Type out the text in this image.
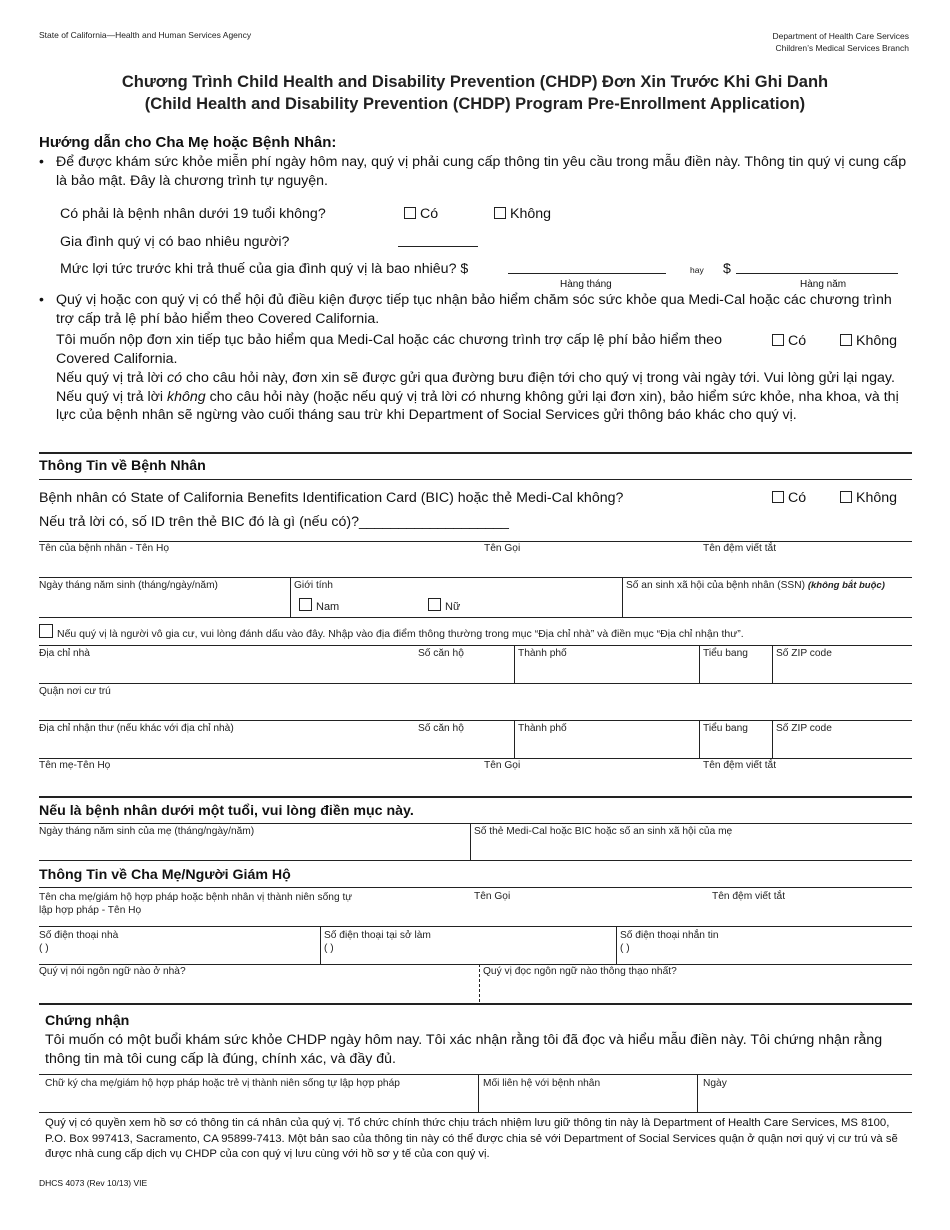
State of California—Health and Human Services Agency	Department of Health Care Services
Children’s Medical Services Branch
Chương Trình Child Health and Disability Prevention (CHDP) Đơn Xin Trước Khi Ghi Danh
(Child Health and Disability Prevention (CHDP) Program Pre-Enrollment Application)
Hướng dẫn cho Cha Mẹ hoặc Bệnh Nhân:
• Để được khám sức khỏe miễn phí ngày hôm nay, quý vị phải cung cấp thông tin yêu cầu trong mẫu điền này. Thông tin quý vị cung cấp là bảo mật. Đây là chương trình tự nguyện.
Có phải là bệnh nhân dưới 19 tuổi không?	Có	Không
Gia đình quý vị có bao nhiêu người?
Mức lợi tức trước khi trả thuế của gia đình quý vị là bao nhiêu? $	hay $
Hàng tháng	Hàng năm
• Quý vị hoặc con quý vị có thể hội đủ điều kiện được tiếp tục nhận bảo hiểm chăm sóc sức khỏe qua Medi-Cal hoặc các chương trình trợ cấp trả lệ phí bảo hiểm theo Covered California.
Tôi muốn nộp đơn xin tiếp tục bảo hiểm qua Medi-Cal hoặc các chương trình trợ cấp lệ phí bảo hiểm theo Covered California.
Có	Không
Nếu quý vị trả lời có cho câu hỏi này, đơn xin sẽ được gửi qua đường bưu điện tới cho quý vị trong vài ngày tới. Vui lòng gửi lại ngay. Nếu quý vị trả lời không cho câu hỏi này (hoặc nếu quý vị trả lời có nhưng không gửi lại đơn xin), bảo hiểm sức khỏe, nha khoa, và thị lực của bệnh nhân sẽ ngừng vào cuối tháng sau trừ khi Department of Social Services gửi thông báo khác cho quý vị.
Thông Tin về Bệnh Nhân
Bệnh nhân có State of California Benefits Identification Card (BIC) hoặc thẻ Medi-Cal không?	Có	Không
Nếu trả lời có, số ID trên thẻ BIC đó là gì (nếu có)?___________________
Tên của bệnh nhân - Tên Họ	Tên Gọi	Tên đệm viết tắt
Ngày tháng năm sinh (tháng/ngày/năm)	Giới tính
Nam	Nữ
Số an sinh xã hội của bệnh nhân (SSN) (không bắt buộc)
Nếu quý vị là người vô gia cư, vui lòng đánh dấu vào đây. Nhập vào địa điểm thông thường trong mục “Địa chỉ nhà” và điền mục “Địa chỉ nhận thư”.
Địa chỉ nhà	Số căn hộ	Thành phố	Tiểu bang	Số ZIP code
Quận nơi cư trú
Địa chỉ nhận thư (nếu khác với địa chỉ nhà)	Số căn hộ	Thành phố	Tiểu bang	Số ZIP code
Tên mẹ-Tên Họ	Tên Gọi	Tên đệm viết tắt
Nếu là bệnh nhân dưới một tuổi, vui lòng điền mục này.
Ngày tháng năm sinh của mẹ (tháng/ngày/năm)	Số thẻ Medi-Cal hoặc BIC hoặc số an sinh xã hội của mẹ
Thông Tin về Cha Mẹ/Người Giám Hộ
Tên cha mẹ/giám hộ hợp pháp hoặc bệnh nhân vị thành niên sống tự
lập hợp pháp - Tên Họ
Tên Gọi	Tên đệm viết tắt
Số điện thoại nhà
( )
Số điện thoại tại sở làm
( )
Số điện thoại nhắn tin
( )
Quý vị nói ngôn ngữ nào ở nhà?	Quý vị đọc ngôn ngữ nào thông thạo nhất?
Chứng nhận
Tôi muốn có một buổi khám sức khỏe CHDP ngày hôm nay. Tôi xác nhận rằng tôi đã đọc và hiểu mẫu điền này. Tôi chứng nhận rằng thông tin mà tôi cung cấp là đúng, chính xác, và đầy đủ.
Chữ ký cha mẹ/giám hộ hợp pháp hoặc trẻ vị thành niên sống tự lập hợp pháp	Mối liên hệ với bệnh nhân	Ngày
Quý vị có quyền xem hồ sơ có thông tin cá nhân của quý vị. Tổ chức chính thức chịu trách nhiệm lưu giữ thông tin này là Department of Health Care Services, MS 8100, P.O. Box 997413, Sacramento, CA 95899-7413. Một bản sao của thông tin này có thể được chia sẻ với Department of Social Services quận ở quận nơi quý vị cư trú và sẽ được nhà cung cấp dịch vụ CHDP của con quý vị lưu cùng với hồ sơ y tế của con quý vị.
DHCS 4073 (Rev 10/13) VIE
